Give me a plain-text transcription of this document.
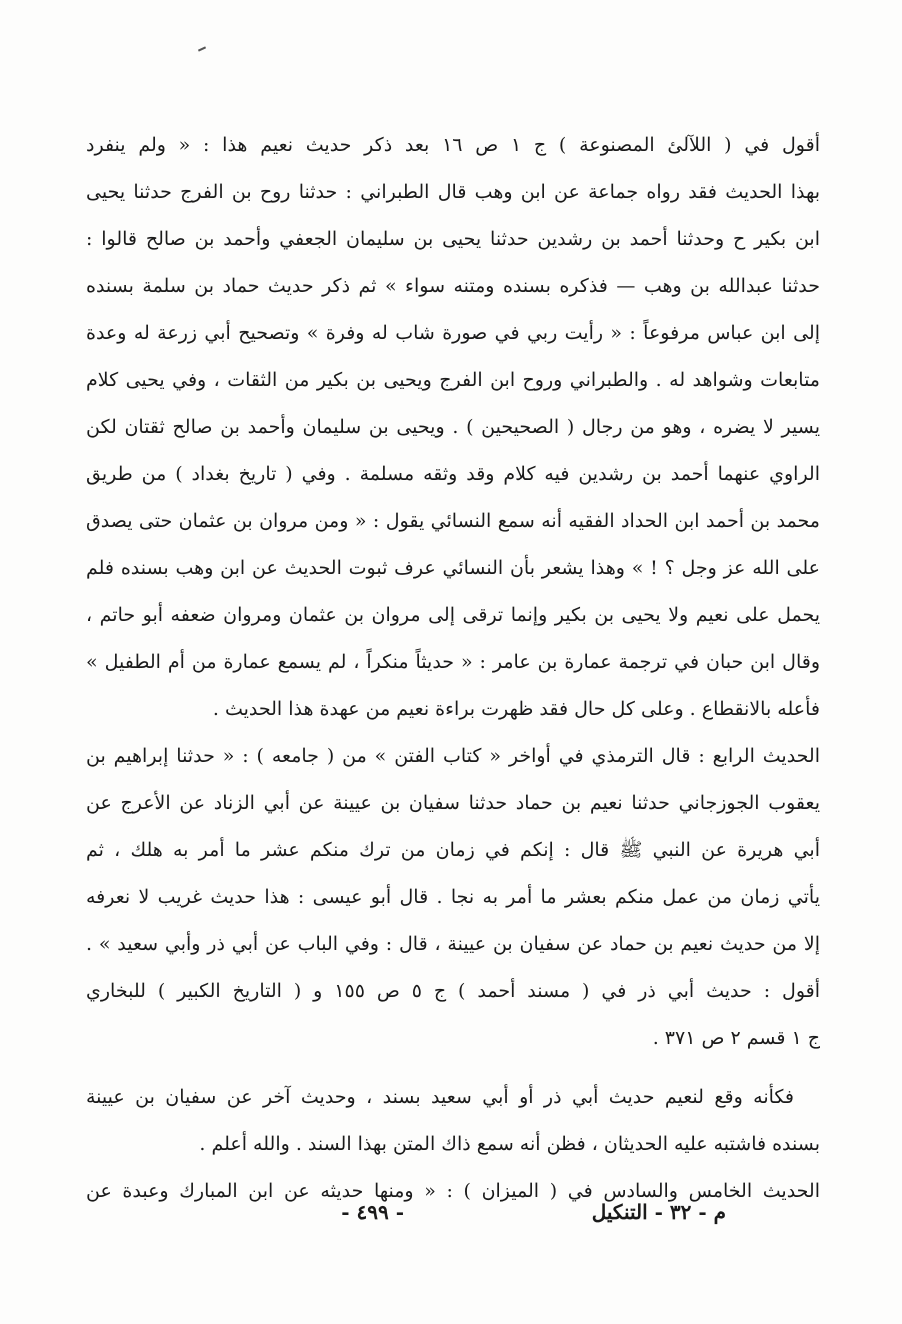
أقول في ( اللآلئ المصنوعة ) ج ١ ص ١٦ بعد ذكر حديث نعيم هذا : « ولم ينفرد
بهذا الحديث فقد رواه جماعة عن ابن وهب قال الطبراني : حدثنا روح بن الفرج حدثنا يحيى
ابن بكير ح وحدثنا أحمد بن رشدين حدثنا يحيى بن سليمان الجعفي وأحمد بن صالح قالوا :
حدثنا عبدالله بن وهب — فذكره بسنده ومتنه سواء » ثم ذكر حديث حماد بن سلمة بسنده
إلى ابن عباس مرفوعاً : « رأيت ربي في صورة شاب له وفرة » وتصحيح أبي زرعة له وعدة
متابعات وشواهد له . والطبراني وروح ابن الفرج ويحيى بن بكير من الثقات ، وفي يحيى كلام
يسير لا يضره ، وهو من رجال ( الصحيحين ) . ويحيى بن سليمان وأحمد بن صالح ثقتان لكن
الراوي عنهما أحمد بن رشدين فيه كلام وقد وثقه مسلمة . وفي ( تاريخ بغداد ) من طريق
محمد بن أحمد ابن الحداد الفقيه أنه سمع النسائي يقول : « ومن مروان بن عثمان حتى يصدق
على الله عز وجل ؟ ! » وهذا يشعر بأن النسائي عرف ثبوت الحديث عن ابن وهب بسنده فلم
يحمل على نعيم ولا يحيى بن بكير وإنما ترقى إلى مروان بن عثمان ومروان ضعفه أبو حاتم ،
وقال ابن حبان في ترجمة عمارة بن عامر : « حديثاً منكراً ، لم يسمع عمارة من أم الطفيل »
فأعله بالانقطاع . وعلى كل حال فقد ظهرت براءة نعيم من عهدة هذا الحديث .
الحديث الرابع : قال الترمذي في أواخر « كتاب الفتن » من ( جامعه ) : « حدثنا إبراهيم بن
يعقوب الجوزجاني حدثنا نعيم بن حماد حدثنا سفيان بن عيينة عن أبي الزناد عن الأعرج عن
أبي هريرة عن النبي ﷺ قال : إنكم في زمان من ترك منكم عشر ما أمر به هلك ، ثم
يأتي زمان من عمل منكم بعشر ما أمر به نجا . قال أبو عيسى : هذا حديث غريب لا نعرفه
إلا من حديث نعيم بن حماد عن سفيان بن عيينة ، قال : وفي الباب عن أبي ذر وأبي سعيد » .
أقول : حديث أبي ذر في ( مسند أحمد ) ج ٥ ص ١٥٥ و ( التاريخ الكبير ) للبخاري
ج ١ قسم ٢ ص ٣٧١ .
فكأنه وقع لنعيم حديث أبي ذر أو أبي سعيد بسند ، وحديث آخر عن سفيان بن عيينة
بسنده فاشتبه عليه الحديثان ، فظن أنه سمع ذاك المتن بهذا السند . والله أعلم .
الحديث الخامس والسادس في ( الميزان ) : « ومنها حديثه عن ابن المبارك وعبدة عن
م - ٣٢ - التنكيل
- ٤٩٩ -
